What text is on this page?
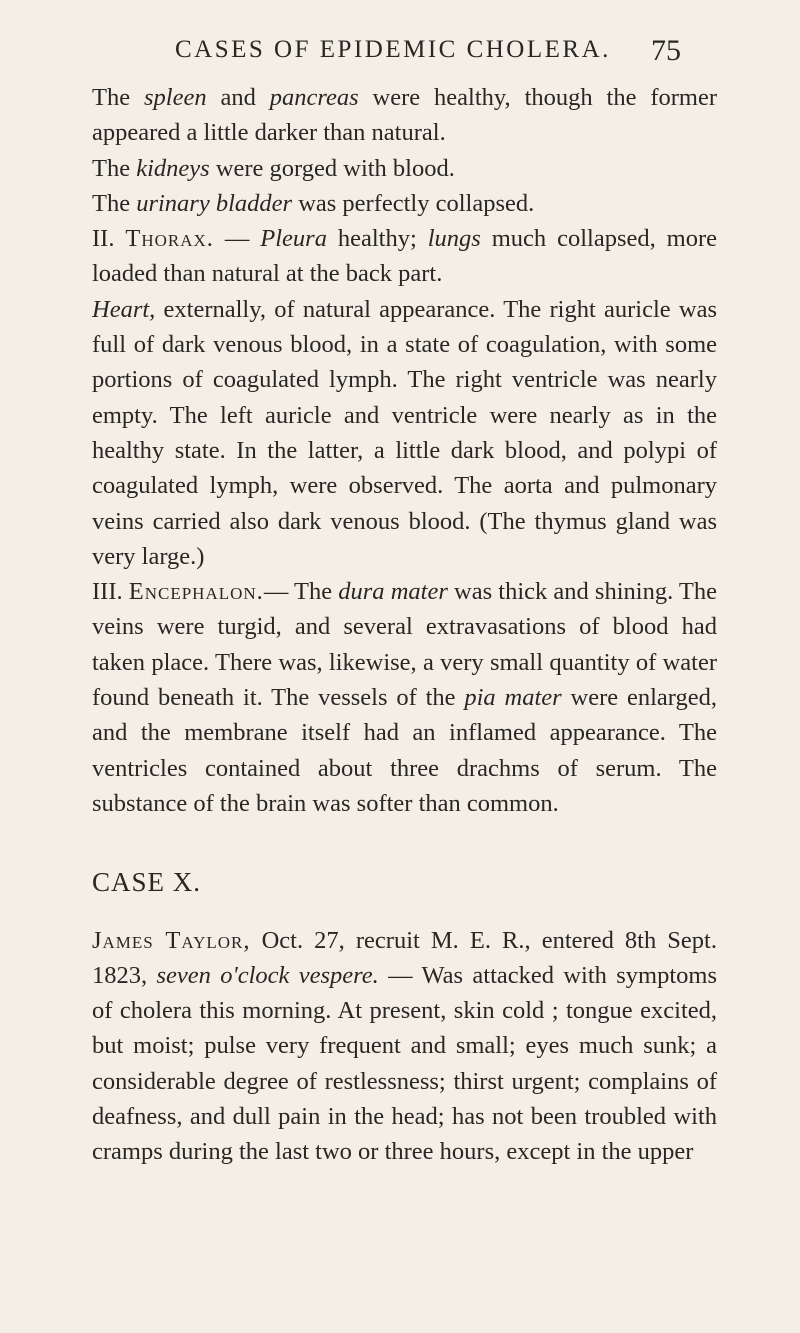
CASES OF EPIDEMIC CHOLERA. 75

The spleen and pancreas were healthy, though the former appeared a little darker than natural.

The kidneys were gorged with blood.

The urinary bladder was perfectly collapsed.

II. Thorax. — Pleura healthy; lungs much collapsed, more loaded than natural at the back part.

Heart, externally, of natural appearance. The right auricle was full of dark venous blood, in a state of coagulation, with some portions of coagulated lymph. The right ventricle was nearly empty. The left auricle and ventricle were nearly as in the healthy state. In the latter, a little dark blood, and polypi of coagulated lymph, were observed. The aorta and pulmonary veins carried also dark venous blood. (The thymus gland was very large.)

III. Encephalon.— The dura mater was thick and shining. The veins were turgid, and several extravasations of blood had taken place. There was, likewise, a very small quantity of water found beneath it. The vessels of the pia mater were enlarged, and the membrane itself had an inflamed appearance. The ventricles contained about three drachms of serum. The substance of the brain was softer than common.

CASE X.

James Taylor, Oct. 27, recruit M. E. R., entered 8th Sept. 1823, seven o'clock vespere. — Was attacked with symptoms of cholera this morning. At present, skin cold ; tongue excited, but moist; pulse very frequent and small; eyes much sunk; a considerable degree of restlessness; thirst urgent; complains of deafness, and dull pain in the head; has not been troubled with cramps during the last two or three hours, except in the upper
